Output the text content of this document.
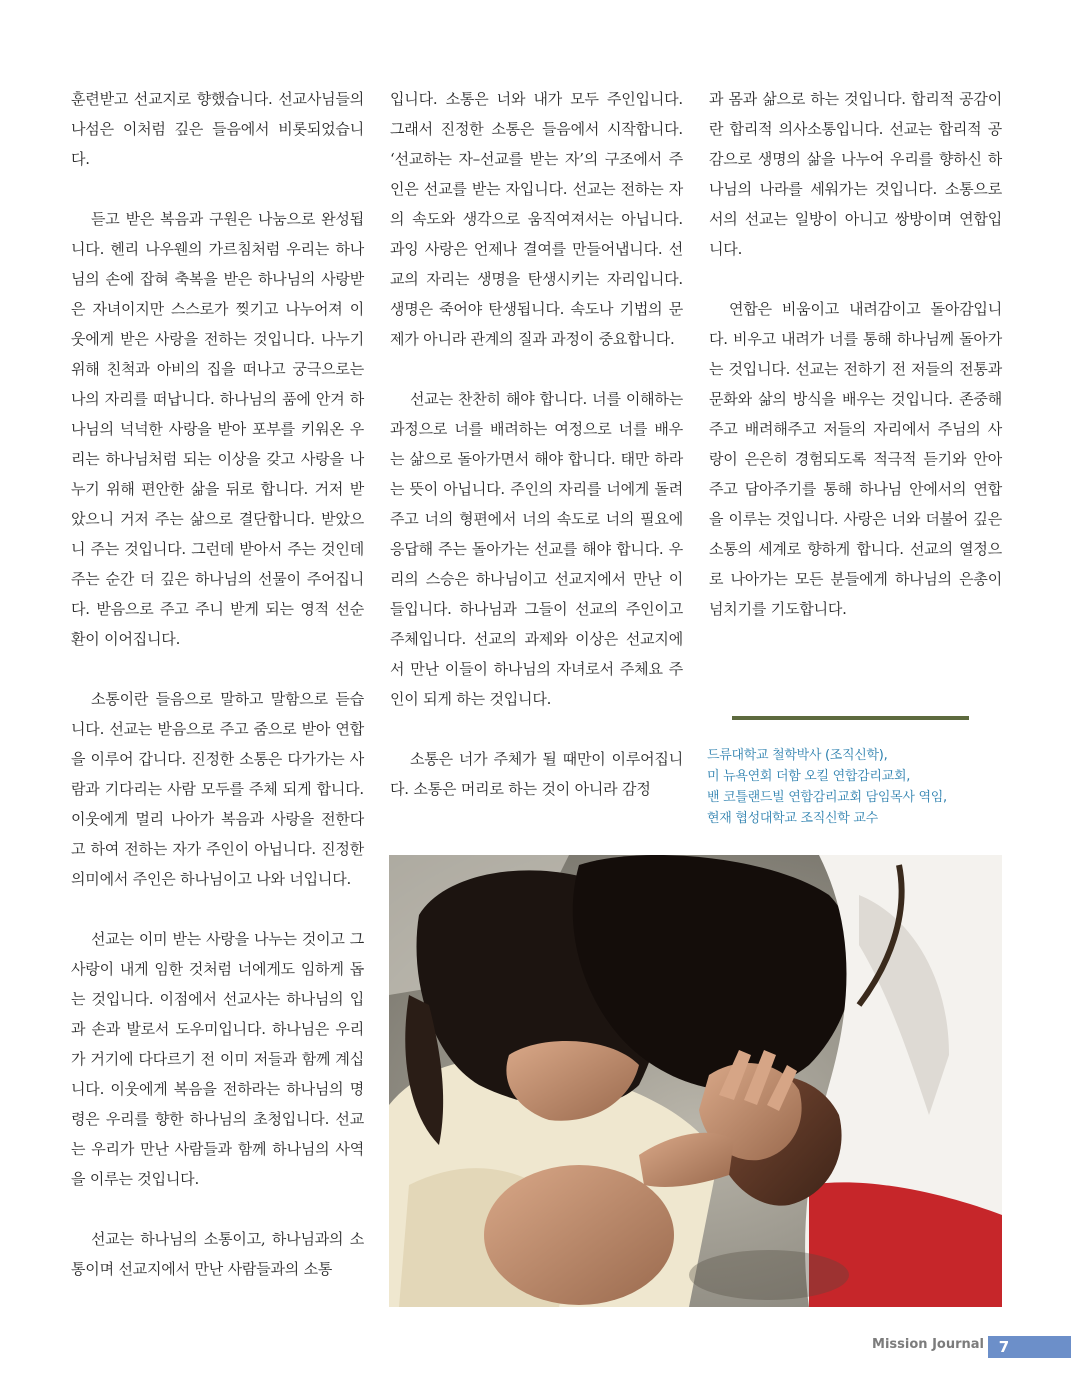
훈련받고 선교지로 향했습니다. 선교사님들의 나섬은 이처럼 깊은 들음에서 비롯되었습니다.

듣고 받은 복음과 구원은 나눔으로 완성됩니다. 헨리 나우웬의 가르침처럼 우리는 하나님의 손에 잡혀 축복을 받은 하나님의 사랑받은 자녀이지만 스스로가 찢기고 나누어져 이웃에게 받은 사랑을 전하는 것입니다. 나누기 위해 친척과 아비의 집을 떠나고 궁극으로는 나의 자리를 떠납니다. 하나님의 품에 안겨 하나님의 넉넉한 사랑을 받아 포부를 키워온 우리는 하나님처럼 되는 이상을 갖고 사랑을 나누기 위해 편안한 삶을 뒤로 합니다. 거저 받았으니 거저 주는 삶으로 결단합니다. 받았으니 주는 것입니다. 그런데 받아서 주는 것인데 주는 순간 더 깊은 하나님의 선물이 주어집니다. 받음으로 주고 주니 받게 되는 영적 선순환이 이어집니다.

소통이란 들음으로 말하고 말함으로 듣습니다. 선교는 받음으로 주고 줌으로 받아 연합을 이루어 갑니다. 진정한 소통은 다가가는 사람과 기다리는 사람 모두를 주체 되게 합니다. 이웃에게 멀리 나아가 복음과 사랑을 전한다고 하여 전하는 자가 주인이 아닙니다. 진정한 의미에서 주인은 하나님이고 나와 너입니다.

선교는 이미 받는 사랑을 나누는 것이고 그 사랑이 내게 임한 것처럼 너에게도 임하게 돕는 것입니다. 이점에서 선교사는 하나님의 입과 손과 발로서 도우미입니다. 하나님은 우리가 거기에 다다르기 전 이미 저들과 함께 계십니다. 이웃에게 복음을 전하라는 하나님의 명령은 우리를 향한 하나님의 초청입니다. 선교는 우리가 만난 사람들과 함께 하나님의 사역을 이루는 것입니다.

선교는 하나님의 소통이고, 하나님과의 소통이며 선교지에서 만난 사람들과의 소통

입니다. 소통은 너와 내가 모두 주인입니다. 그래서 진정한 소통은 들음에서 시작합니다. ‘선교하는 자–선교를 받는 자’의 구조에서 주인은 선교를 받는 자입니다. 선교는 전하는 자의 속도와 생각으로 움직여져서는 아닙니다. 과잉 사랑은 언제나 결여를 만들어냅니다. 선교의 자리는 생명을 탄생시키는 자리입니다. 생명은 죽어야 탄생됩니다. 속도나 기법의 문제가 아니라 관계의 질과 과정이 중요합니다.

선교는 찬찬히 해야 합니다. 너를 이해하는 과정으로 너를 배려하는 여정으로 너를 배우는 삶으로 돌아가면서 해야 합니다. 태만 하라는 뜻이 아닙니다. 주인의 자리를 너에게 돌려주고 너의 형편에서 너의 속도로 너의 필요에 응답해 주는 돌아가는 선교를 해야 합니다. 우리의 스승은 하나님이고 선교지에서 만난 이들입니다. 하나님과 그들이 선교의 주인이고 주체입니다. 선교의 과제와 이상은 선교지에서 만난 이들이 하나님의 자녀로서 주체요 주인이 되게 하는 것입니다.

소통은 너가 주체가 될 때만이 이루어집니다. 소통은 머리로 하는 것이 아니라 감정

과 몸과 삶으로 하는 것입니다. 합리적 공감이란 합리적 의사소통입니다. 선교는 합리적 공감으로 생명의 삶을 나누어 우리를 향하신 하나님의 나라를 세워가는 것입니다. 소통으로서의 선교는 일방이 아니고 쌍방이며 연합입니다.

연합은 비움이고 내려감이고 돌아감입니다. 비우고 내려가 너를 통해 하나님께 돌아가는 것입니다. 선교는 전하기 전 저들의 전통과 문화와 삶의 방식을 배우는 것입니다. 존중해주고 배려해주고 저들의 자리에서 주님의 사랑이 은은히 경험되도록 적극적 듣기와 안아주고 담아주기를 통해 하나님 안에서의 연합을 이루는 것입니다. 사랑은 너와 더불어 깊은 소통의 세계로 향하게 합니다. 선교의 열정으로 나아가는 모든 분들에게 하나님의 은총이 넘치기를 기도합니다.

드류대학교 철학박사 (조직신학),
미 뉴욕연회 더함 오킬 연합감리교회,
밴 코틀랜드빌 연합감리교회 담임목사 역임,
현재 협성대학교 조직신학 교수
Mission Journal 7
